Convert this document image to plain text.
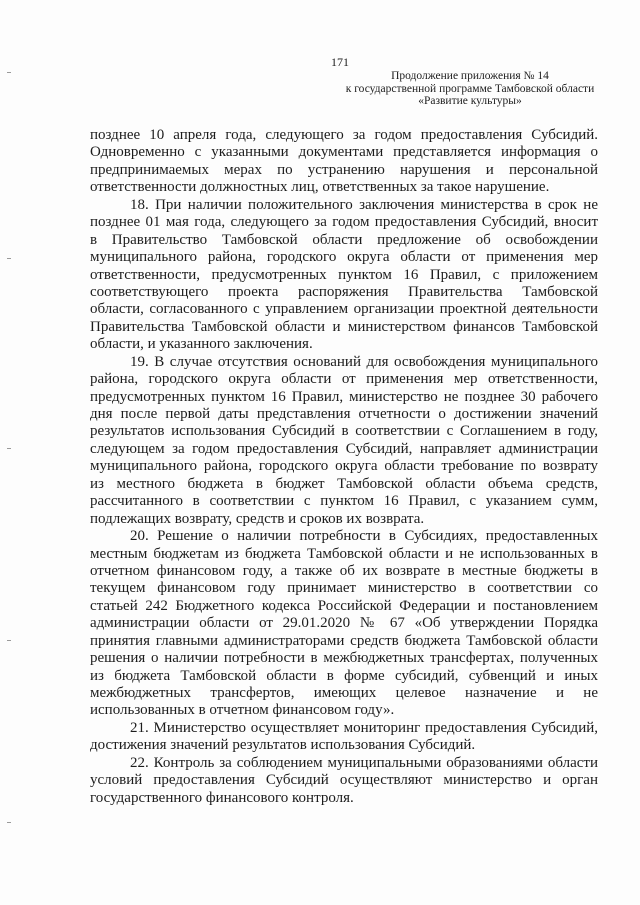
171
Продолжение приложения № 14
к государственной программе Тамбовской области
«Развитие культуры»
позднее 10 апреля года, следующего за годом предоставления Субсидий.
Одновременно с указанными документами представляется информация о
предпринимаемых мерах по устранению нарушения и персональной
ответственности должностных лиц, ответственных за такое нарушение.
18. При наличии положительного заключения министерства в срок не
позднее 01 мая года, следующего за годом предоставления Субсидий, вносит
в Правительство Тамбовской области предложение об освобождении
муниципального района, городского округа области от применения мер
ответственности, предусмотренных пунктом 16 Правил, с приложением
соответствующего проекта распоряжения Правительства Тамбовской
области, согласованного с управлением организации проектной деятельности
Правительства Тамбовской области и министерством финансов Тамбовской
области, и указанного заключения.
19. В случае отсутствия оснований для освобождения муниципального
района, городского округа области от применения мер ответственности,
предусмотренных пунктом 16 Правил, министерство не позднее 30 рабочего
дня после первой даты представления отчетности о достижении значений
результатов использования Субсидий в соответствии с Соглашением в году,
следующем за годом предоставления Субсидий, направляет администрации
муниципального района, городского округа области требование по возврату
из местного бюджета в бюджет Тамбовской области объема средств,
рассчитанного в соответствии с пунктом 16 Правил, с указанием сумм,
подлежащих возврату, средств и сроков их возврата.
20. Решение о наличии потребности в Субсидиях, предоставленных
местным бюджетам из бюджета Тамбовской области и не использованных в
отчетном финансовом году, а также об их возврате в местные бюджеты в
текущем финансовом году принимает министерство в соответствии со
статьей 242 Бюджетного кодекса Российской Федерации и постановлением
администрации области от 29.01.2020 № 67 «Об утверждении Порядка
принятия главными администраторами средств бюджета Тамбовской области
решения о наличии потребности в межбюджетных трансфертах, полученных
из бюджета Тамбовской области в форме субсидий, субвенций и иных
межбюджетных трансфертов, имеющих целевое назначение и не
использованных в отчетном финансовом году».
21. Министерство осуществляет мониторинг предоставления Субсидий,
достижения значений результатов использования Субсидий.
22. Контроль за соблюдением муниципальными образованиями области
условий предоставления Субсидий осуществляют министерство и орган
государственного финансового контроля.
